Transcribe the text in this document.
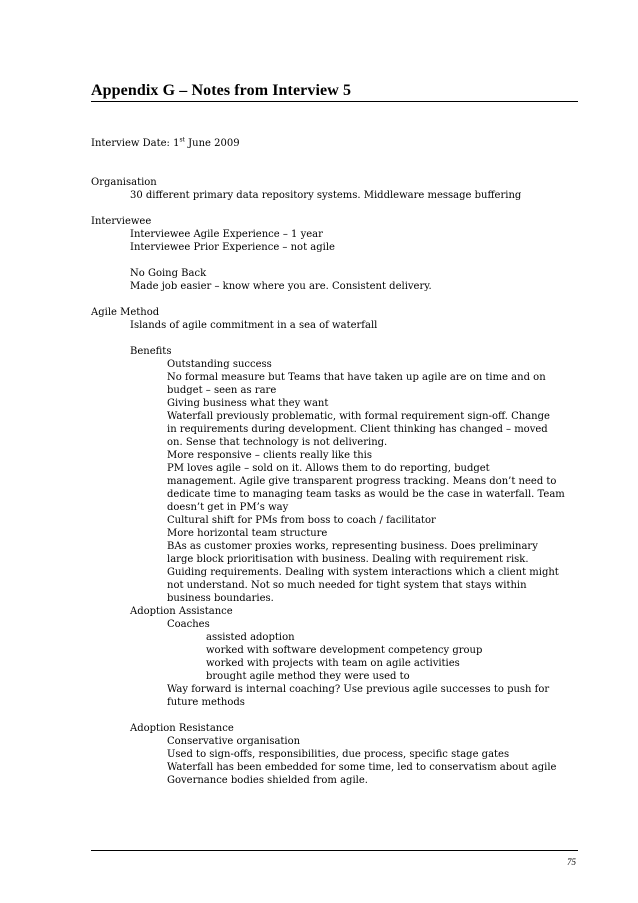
Appendix G – Notes from Interview 5
Interview Date: 1st June 2009
Organisation
30 different primary data repository systems. Middleware message buffering
Interviewee
Interviewee Agile Experience – 1 year
Interviewee Prior Experience – not agile
No Going Back
Made job easier – know where you are. Consistent delivery.
Agile Method
Islands of agile commitment in a sea of waterfall
Benefits
Outstanding success
No formal measure but Teams that have taken up agile are on time and on
budget – seen as rare
Giving business what they want
Waterfall previously problematic, with formal requirement sign-off. Change
in requirements during development. Client thinking has changed – moved
on. Sense that technology is not delivering.
More responsive – clients really like this
PM loves agile – sold on it. Allows them to do reporting, budget
management. Agile give transparent progress tracking. Means don’t need to
dedicate time to managing team tasks as would be the case in waterfall. Team
doesn’t get in PM’s way
Cultural shift for PMs from boss to coach / facilitator
More horizontal team structure
BAs as customer proxies works, representing business. Does preliminary
large block prioritisation with business. Dealing with requirement risk.
Guiding requirements. Dealing with system interactions which a client might
not understand. Not so much needed for tight system that stays within
business boundaries.
Adoption Assistance
Coaches
assisted adoption
worked with software development competency group
worked with projects with team on agile activities
brought agile method they were used to
Way forward is internal coaching? Use previous agile successes to push for
future methods
Adoption Resistance
Conservative organisation
Used to sign-offs, responsibilities, due process, specific stage gates
Waterfall has been embedded for some time, led to conservatism about agile
Governance bodies shielded from agile.
75
